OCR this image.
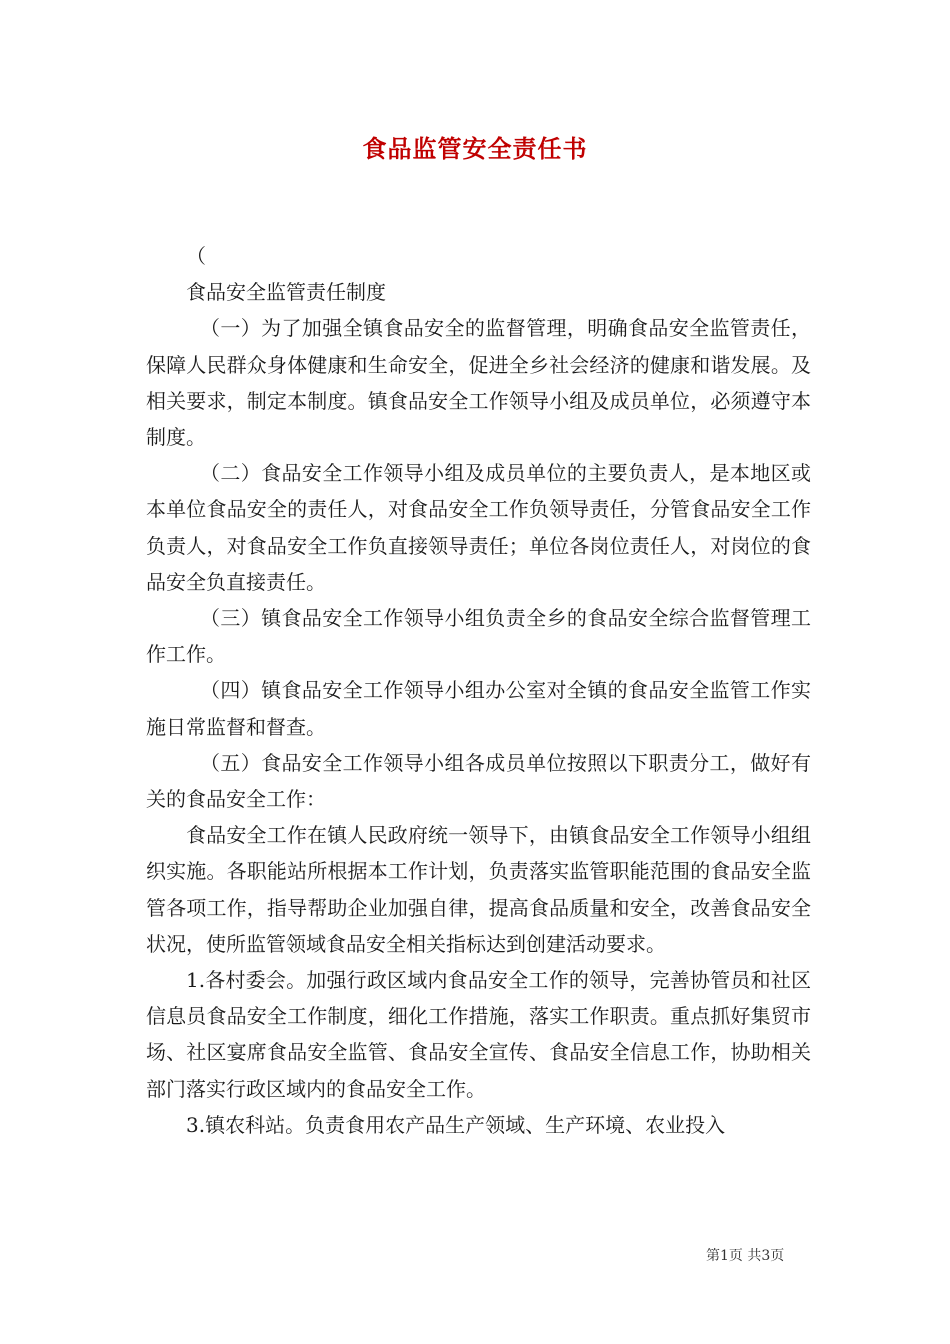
食品监管安全责任书

（

食品安全监管责任制度

（一）为了加强全镇食品安全的监督管理，明确食品安全监管责任，保障人民群众身体健康和生命安全，促进全乡社会经济的健康和谐发展。及相关要求，制定本制度。镇食品安全工作领导小组及成员单位，必须遵守本制度。

（二）食品安全工作领导小组及成员单位的主要负责人，是本地区或本单位食品安全的责任人，对食品安全工作负领导责任，分管食品安全工作负责人，对食品安全工作负直接领导责任；单位各岗位责任人，对岗位的食品安全负直接责任。

（三）镇食品安全工作领导小组负责全乡的食品安全综合监督管理工作工作。

（四）镇食品安全工作领导小组办公室对全镇的食品安全监管工作实施日常监督和督查。

（五）食品安全工作领导小组各成员单位按照以下职责分工，做好有关的食品安全工作：

食品安全工作在镇人民政府统一领导下，由镇食品安全工作领导小组组织实施。各职能站所根据本工作计划，负责落实监管职能范围的食品安全监管各项工作，指导帮助企业加强自律，提高食品质量和安全，改善食品安全状况，使所监管领域食品安全相关指标达到创建活动要求。

1.各村委会。加强行政区域内食品安全工作的领导，完善协管员和社区信息员食品安全工作制度，细化工作措施，落实工作职责。重点抓好集贸市场、社区宴席食品安全监管、食品安全宣传、食品安全信息工作，协助相关部门落实行政区域内的食品安全工作。

3.镇农科站。负责食用农产品生产领域、生产环境、农业投入

第1页 共3页
